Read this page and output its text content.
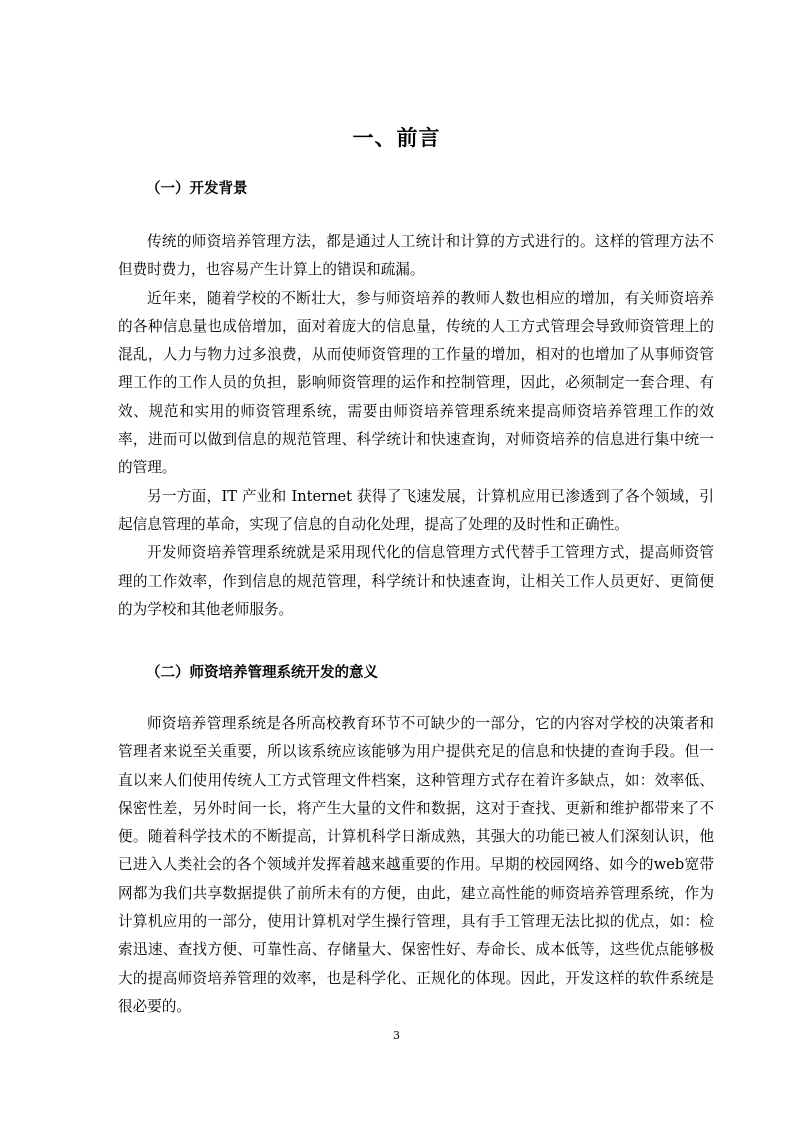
一、前言
（一）开发背景

传统的师资培养管理方法，都是通过人工统计和计算的方式进行的。这样的管理方法不但费时费力，也容易产生计算上的错误和疏漏。

近年来，随着学校的不断壮大，参与师资培养的教师人数也相应的增加，有关师资培养的各种信息量也成倍增加，面对着庞大的信息量，传统的人工方式管理会导致师资管理上的混乱，人力与物力过多浪费，从而使师资管理的工作量的增加，相对的也增加了从事师资管理工作的工作人员的负担，影响师资管理的运作和控制管理，因此，必须制定一套合理、有效、规范和实用的师资管理系统，需要由师资培养管理系统来提高师资培养管理工作的效率，进而可以做到信息的规范管理、科学统计和快速查询，对师资培养的信息进行集中统一的管理。

另一方面，IT 产业和 Internet 获得了飞速发展，计算机应用已渗透到了各个领域，引起信息管理的革命，实现了信息的自动化处理，提高了处理的及时性和正确性。

开发师资培养管理系统就是采用现代化的信息管理方式代替手工管理方式，提高师资管理的工作效率，作到信息的规范管理，科学统计和快速查询，让相关工作人员更好、更简便的为学校和其他老师服务。

（二）师资培养管理系统开发的意义

师资培养管理系统是各所高校教育环节不可缺少的一部分，它的内容对学校的决策者和管理者来说至关重要，所以该系统应该能够为用户提供充足的信息和快捷的查询手段。但一直以来人们使用传统人工方式管理文件档案，这种管理方式存在着许多缺点，如：效率低、保密性差，另外时间一长，将产生大量的文件和数据，这对于查找、更新和维护都带来了不便。随着科学技术的不断提高，计算机科学日渐成熟，其强大的功能已被人们深刻认识，他已进入人类社会的各个领域并发挥着越来越重要的作用。早期的校园网络、如今的web宽带网都为我们共享数据提供了前所未有的方便，由此，建立高性能的师资培养管理系统，作为计算机应用的一部分，使用计算机对学生操行管理，具有手工管理无法比拟的优点，如：检索迅速、查找方便、可靠性高、存储量大、保密性好、寿命长、成本低等，这些优点能够极大的提高师资培养管理的效率，也是科学化、正规化的体现。因此，开发这样的软件系统是很必要的。

3
